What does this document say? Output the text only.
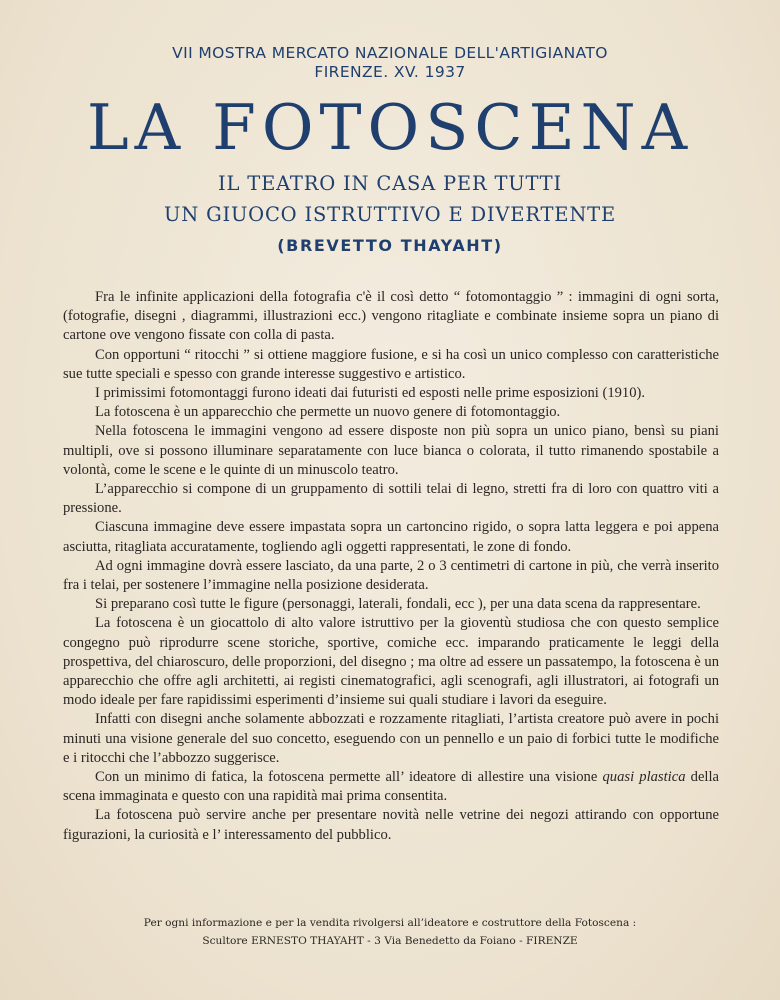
VII MOSTRA MERCATO NAZIONALE DELL'ARTIGIANATO
FIRENZE. XV. 1937
LA FOTOSCENA
IL TEATRO IN CASA PER TUTTI
UN GIUOCO ISTRUTTIVO E DIVERTENTE
(BREVETTO THAYAHT)

Fra le infinite applicazioni della fotografia c'è il così detto “ fotomontaggio ” : immagini di ogni sorta, (fotografie, disegni , diagrammi, illustrazioni ecc.) vengono ritagliate e combinate insieme sopra un piano di cartone ove vengono fissate con colla di pasta.

Con opportuni “ ritocchi ” si ottiene maggiore fusione, e si ha così un unico complesso con caratteristiche sue tutte speciali e spesso con grande interesse suggestivo e artistico.

I primissimi fotomontaggi furono ideati dai futuristi ed esposti nelle prime esposizioni (1910).

La fotoscena è un apparecchio che permette un nuovo genere di fotomontaggio.

Nella fotoscena le immagini vengono ad essere disposte non più sopra un unico piano, bensì su piani multipli, ove si possono illuminare separatamente con luce bianca o colorata, il tutto rimanendo spostabile a volontà, come le scene e le quinte di un minuscolo teatro.

L’apparecchio si compone di un gruppamento di sottili telai di legno, stretti fra di loro con quattro viti a pressione.

Ciascuna immagine deve essere impastata sopra un cartoncino rigido, o sopra latta leggera e poi appena asciutta, ritagliata accuratamente, togliendo agli oggetti rappresentati, le zone di fondo.

Ad ogni immagine dovrà essere lasciato, da una parte, 2 o 3 centimetri di cartone in più, che verrà inserito fra i telai, per sostenere l’immagine nella posizione desiderata.

Si preparano così tutte le figure (personaggi, laterali, fondali, ecc ), per una data scena da rappresentare.

La fotoscena è un giocattolo di alto valore istruttivo per la gioventù studiosa che con questo semplice congegno può riprodurre scene storiche, sportive, comiche ecc. imparando praticamente le leggi della prospettiva, del chiaroscuro, delle proporzioni, del disegno ; ma oltre ad essere un passatempo, la fotoscena è un apparecchio che offre agli architetti, ai registi cinematografici, agli scenografi, agli illustratori, ai fotografi un modo ideale per fare rapidissimi esperimenti d’insieme sui quali studiare i lavori da eseguire.

Infatti con disegni anche solamente abbozzati e rozzamente ritagliati, l’artista creatore può avere in pochi minuti una visione generale del suo concetto, eseguendo con un pennello e un paio di forbici tutte le modifiche e i ritocchi che l’abbozzo suggerisce.

Con un minimo di fatica, la fotoscena permette all’ ideatore di allestire una visione quasi plastica della scena immaginata e questo con una rapidità mai prima consentita.

La fotoscena può servire anche per presentare novità nelle vetrine dei negozi attirando con opportune figurazioni, la curiosità e l’ interessamento del pubblico.

Per ogni informazione e per la vendita rivolgersi all’ideatore e costruttore della Fotoscena :
Scultore ERNESTO THAYAHT - 3 Via Benedetto da Foiano - FIRENZE
